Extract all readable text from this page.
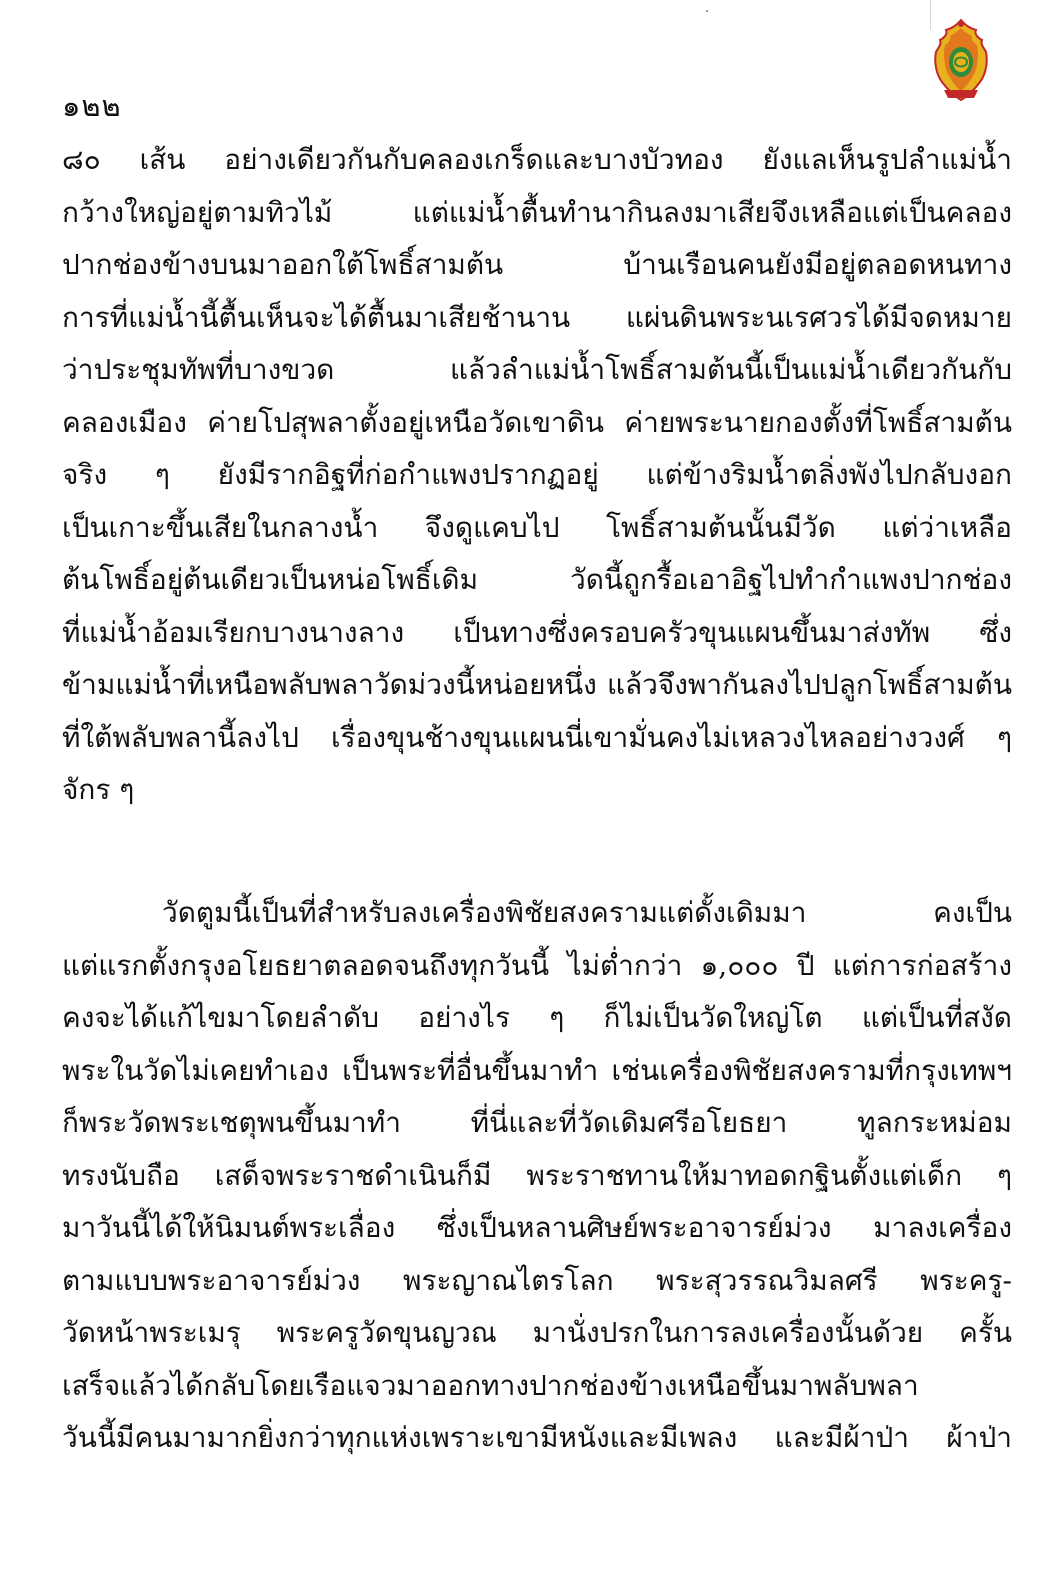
๑๒๒
๘๐ เส้น อย่างเดียวกันกับคลองเกร็ดและบางบัวทอง ยังแลเห็นรูปลำแม่น้ำ
กว้างใหญ่อยู่ตามทิวไม้ แต่แม่น้ำตื้นทำนากินลงมาเสียจึงเหลือแต่เป็นคลอง
ปากช่องข้างบนมาออกใต้โพธิ์สามต้น บ้านเรือนคนยังมีอยู่ตลอดหนทาง
การที่แม่น้ำนี้ตื้นเห็นจะได้ตื้นมาเสียช้านาน แผ่นดินพระนเรศวรได้มีจดหมาย
ว่าประชุมทัพที่บางขวด แล้วลำแม่น้ำโพธิ์สามต้นนี้เป็นแม่น้ำเดียวกันกับ
คลองเมือง ค่ายโปสุพลาตั้งอยู่เหนือวัดเขาดิน ค่ายพระนายกองตั้งที่โพธิ์สามต้น
จริง ๆ ยังมีรากอิฐที่ก่อกำแพงปรากฏอยู่ แต่ข้างริมน้ำตลิ่งพังไปกลับงอก
เป็นเกาะขึ้นเสียในกลางน้ำ จึงดูแคบไป โพธิ์สามต้นนั้นมีวัด แต่ว่าเหลือ
ต้นโพธิ์อยู่ต้นเดียวเป็นหน่อโพธิ์เดิม วัดนี้ถูกรื้อเอาอิฐไปทำกำแพงปากช่อง
ที่แม่น้ำอ้อมเรียกบางนางลาง เป็นทางซึ่งครอบครัวขุนแผนขึ้นมาส่งทัพ ซึ่ง
ข้ามแม่น้ำที่เหนือพลับพลาวัดม่วงนี้หน่อยหนึ่ง แล้วจึงพากันลงไปปลูกโพธิ์สามต้น
ที่ใต้พลับพลานี้ลงไป เรื่องขุนช้างขุนแผนนี่เขามั่นคงไม่เหลวงไหลอย่างวงศ์ ๆ
จักร ๆ
วัดตูมนี้เป็นที่สำหรับลงเครื่องพิชัยสงครามแต่ดั้งเดิมมา คงเป็น
แต่แรกตั้งกรุงอโยธยาตลอดจนถึงทุกวันนี้ ไม่ต่ำกว่า ๑,๐๐๐ ปี แต่การก่อสร้าง
คงจะได้แก้ไขมาโดยลำดับ อย่างไร ๆ ก็ไม่เป็นวัดใหญ่โต แต่เป็นที่สงัด
พระในวัดไม่เคยทำเอง เป็นพระที่อื่นขึ้นมาทำ เช่นเครื่องพิชัยสงครามที่กรุงเทพฯ
ก็พระวัดพระเชตุพนขึ้นมาทำ ที่นี่และที่วัดเดิมศรีอโยธยา ทูลกระหม่อม
ทรงนับถือ เสด็จพระราชดำเนินก็มี พระราชทานให้มาทอดกฐินตั้งแต่เด็ก ๆ
มาวันนี้ได้ให้นิมนต์พระเลื่อง ซึ่งเป็นหลานศิษย์พระอาจารย์ม่วง มาลงเครื่อง
ตามแบบพระอาจารย์ม่วง พระญาณไตรโลก พระสุวรรณวิมลศรี พระครู-
วัดหน้าพระเมรุ พระครูวัดขุนญวณ มานั่งปรกในการลงเครื่องนั้นด้วย ครั้น
เสร็จแล้วได้กลับโดยเรือแจวมาออกทางปากช่องข้างเหนือขึ้นมาพลับพลา
วันนี้มีคนมามากยิ่งกว่าทุกแห่งเพราะเขามีหนังและมีเพลง และมีผ้าป่า ผ้าป่า
